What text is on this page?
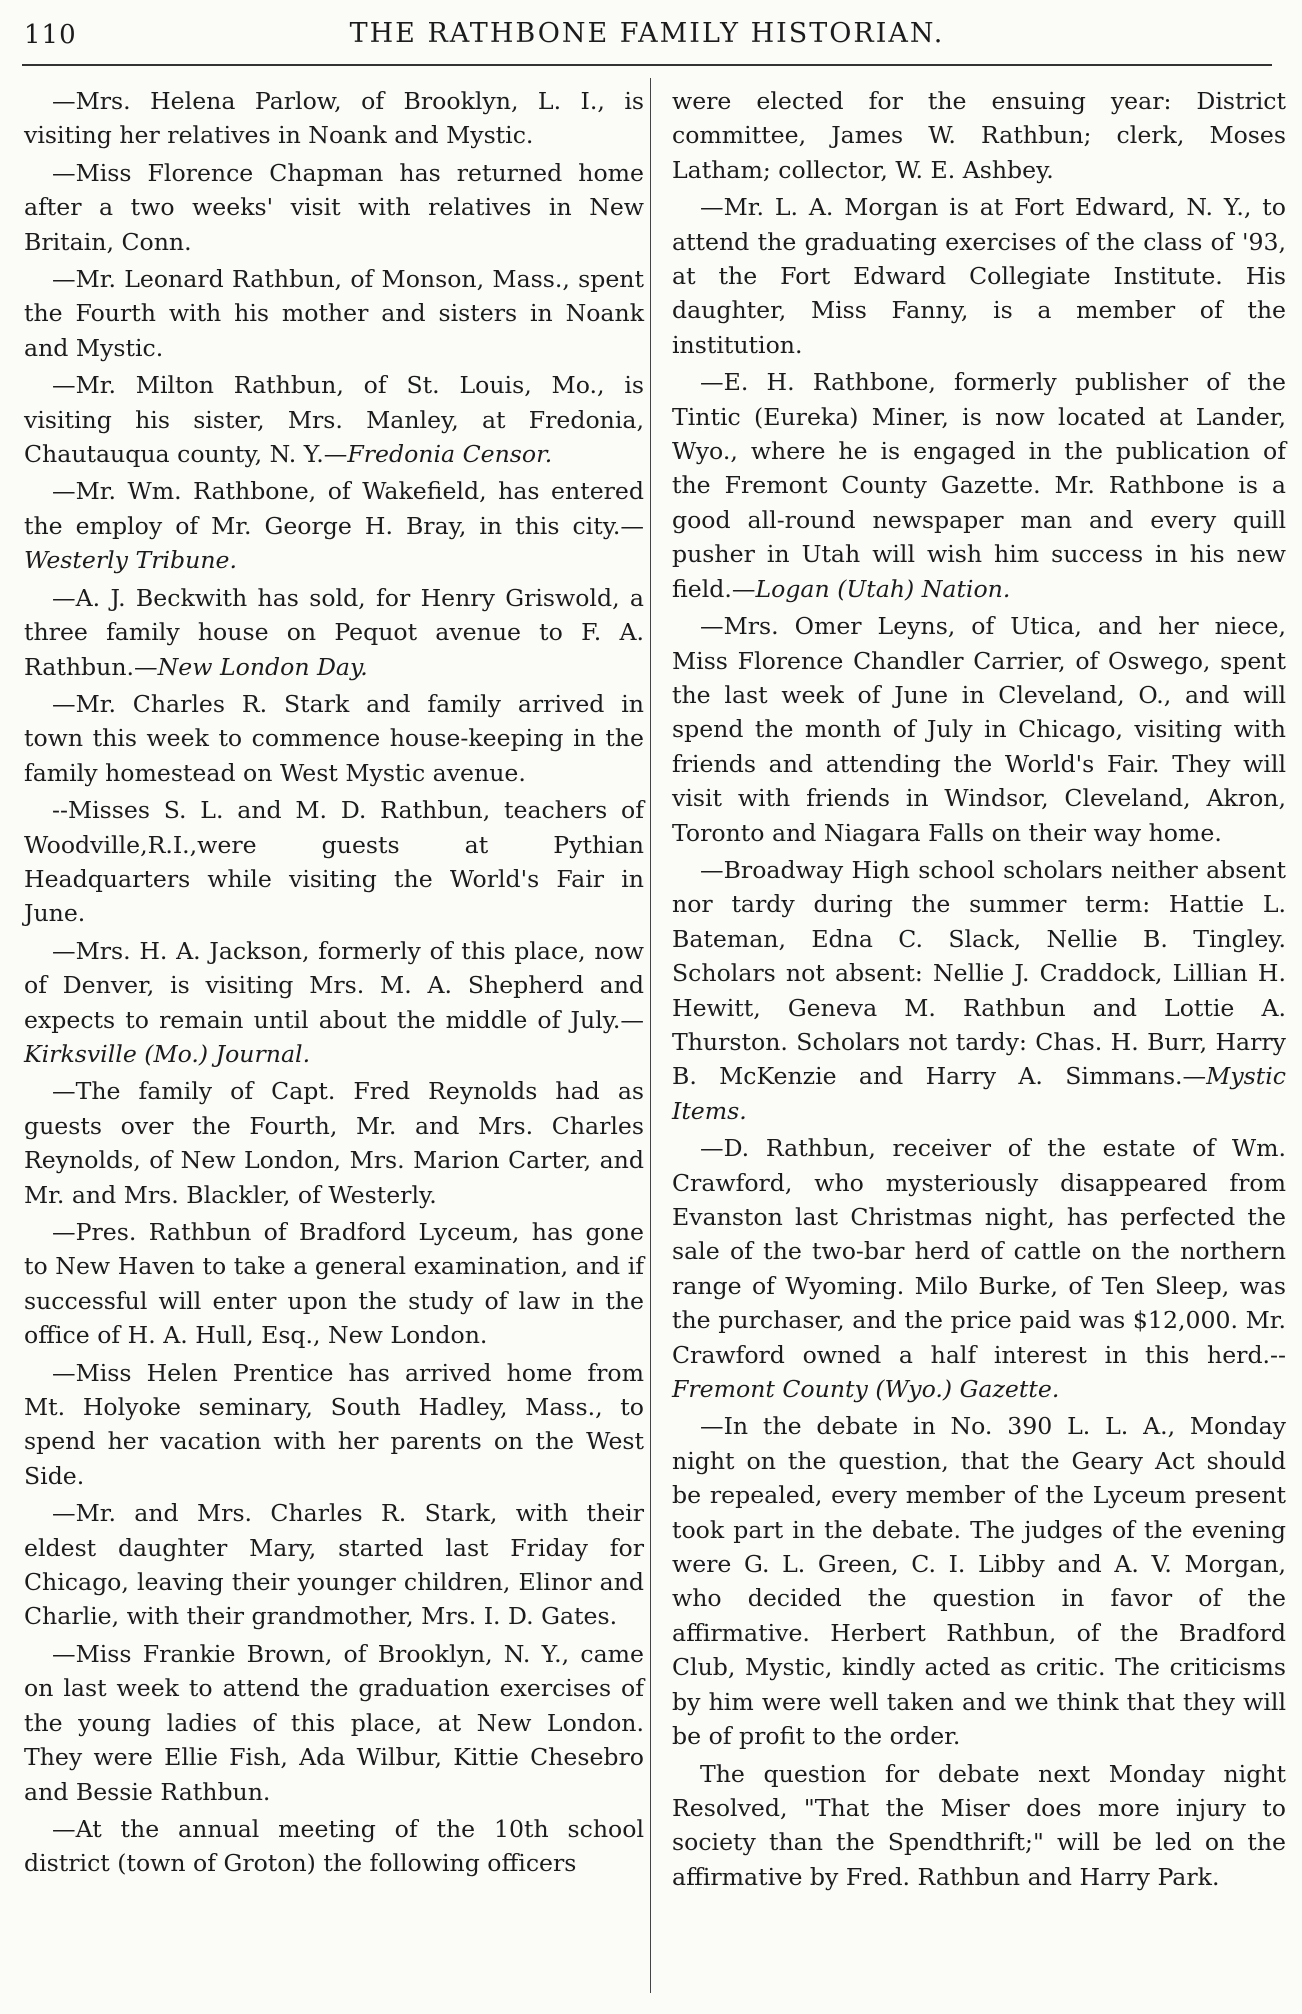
110	THE RATHBONE FAMILY HISTORIAN.

—Mrs. Helena Parlow, of Brooklyn, L. I., is visiting her relatives in Noank and Mystic.

—Miss Florence Chapman has returned home after a two weeks' visit with relatives in New Britain, Conn.

—Mr. Leonard Rathbun, of Monson, Mass., spent the Fourth with his mother and sisters in Noank and Mystic.

—Mr. Milton Rathbun, of St. Louis, Mo., is visiting his sister, Mrs. Manley, at Fredonia, Chautauqua county, N. Y.—Fredonia Censor.

—Mr. Wm. Rathbone, of Wakefield, has entered the employ of Mr. George H. Bray, in this city.— Westerly Tribune.

—A. J. Beckwith has sold, for Henry Griswold, a three family house on Pequot avenue to F. A. Rathbun.—New London Day.

—Mr. Charles R. Stark and family arrived in town this week to commence house-keeping in the family homestead on West Mystic avenue.

--Misses S. L. and M. D. Rathbun, teachers of Woodville,R.I.,were guests at Pythian Headquarters while visiting the World's Fair in June.

—Mrs. H. A. Jackson, formerly of this place, now of Denver, is visiting Mrs. M. A. Shepherd and expects to remain until about the middle of July.—Kirksville (Mo.) Journal.

—The family of Capt. Fred Reynolds had as guests over the Fourth, Mr. and Mrs. Charles Reynolds, of New London, Mrs. Marion Carter, and Mr. and Mrs. Blackler, of Westerly.

—Pres. Rathbun of Bradford Lyceum, has gone to New Haven to take a general examination, and if successful will enter upon the study of law in the office of H. A. Hull, Esq., New London.

—Miss Helen Prentice has arrived home from Mt. Holyoke seminary, South Hadley, Mass., to spend her vacation with her parents on the West Side.

—Mr. and Mrs. Charles R. Stark, with their eldest daughter Mary, started last Friday for Chicago, leaving their younger children, Elinor and Charlie, with their grandmother, Mrs. I. D. Gates.

—Miss Frankie Brown, of Brooklyn, N. Y., came on last week to attend the graduation exercises of the young ladies of this place, at New London. They were Ellie Fish, Ada Wilbur, Kittie Chesebro and Bessie Rathbun.

—At the annual meeting of the 10th school district (town of Groton) the following officers

were elected for the ensuing year: District committee, James W. Rathbun; clerk, Moses Latham; collector, W. E. Ashbey.

—Mr. L. A. Morgan is at Fort Edward, N. Y., to attend the graduating exercises of the class of '93, at the Fort Edward Collegiate Institute. His daughter, Miss Fanny, is a member of the institution.

—E. H. Rathbone, formerly publisher of the Tintic (Eureka) Miner, is now located at Lander, Wyo., where he is engaged in the publication of the Fremont County Gazette. Mr. Rathbone is a good all-round newspaper man and every quill pusher in Utah will wish him success in his new field.—Logan (Utah) Nation.

—Mrs. Omer Leyns, of Utica, and her niece, Miss Florence Chandler Carrier, of Oswego, spent the last week of June in Cleveland, O., and will spend the month of July in Chicago, visiting with friends and attending the World's Fair. They will visit with friends in Windsor, Cleveland, Akron, Toronto and Niagara Falls on their way home.

—Broadway High school scholars neither absent nor tardy during the summer term: Hattie L. Bateman, Edna C. Slack, Nellie B. Tingley. Scholars not absent: Nellie J. Craddock, Lillian H. Hewitt, Geneva M. Rathbun and Lottie A. Thurston. Scholars not tardy: Chas. H. Burr, Harry B. McKenzie and Harry A. Simmans.—Mystic Items.

—D. Rathbun, receiver of the estate of Wm. Crawford, who mysteriously disappeared from Evanston last Christmas night, has perfected the sale of the two-bar herd of cattle on the northern range of Wyoming. Milo Burke, of Ten Sleep, was the purchaser, and the price paid was $12,000. Mr. Crawford owned a half interest in this herd.--Fremont County (Wyo.) Gazette.

—In the debate in No. 390 L. L. A., Monday night on the question, that the Geary Act should be repealed, every member of the Lyceum present took part in the debate. The judges of the evening were G. L. Green, C. I. Libby and A. V. Morgan, who decided the question in favor of the affirmative. Herbert Rathbun, of the Bradford Club, Mystic, kindly acted as critic. The criticisms by him were well taken and we think that they will be of profit to the order.

The question for debate next Monday night Resolved, "That the Miser does more injury to society than the Spendthrift;" will be led on the affirmative by Fred. Rathbun and Harry Park.
